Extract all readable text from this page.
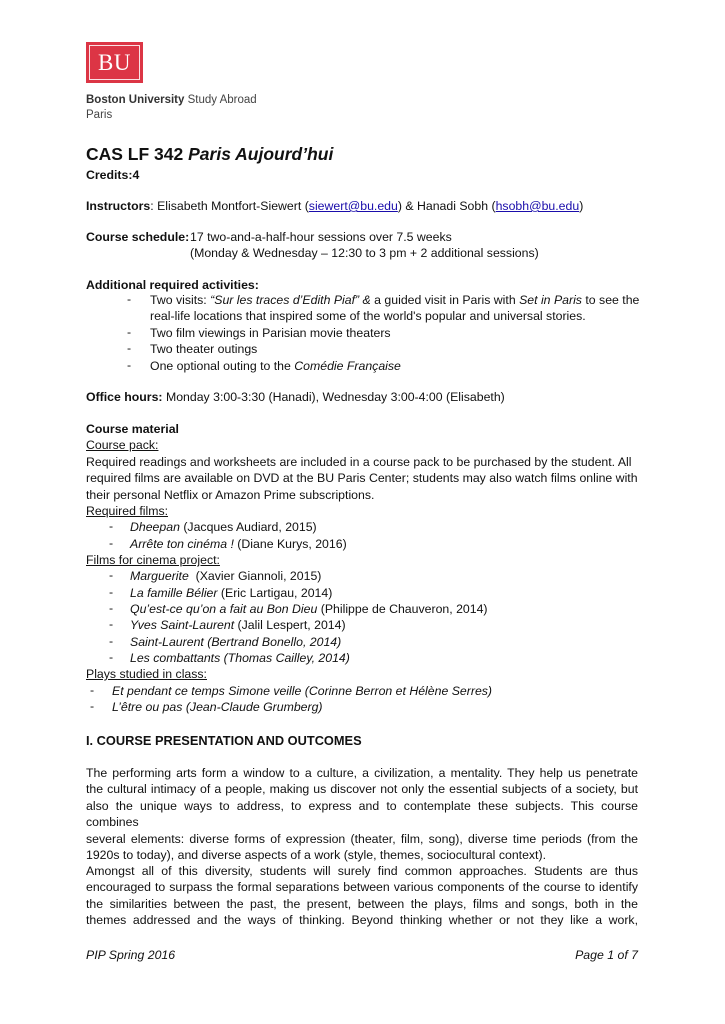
BU
Boston University Study Abroad
Paris
CAS LF 342 Paris Aujourd’hui
Credits:4
Instructors: Elisabeth Montfort-Siewert (siewert@bu.edu) & Hanadi Sobh (hsobh@bu.edu)
Course schedule: 17 two-and-a-half-hour sessions over 7.5 weeks
(Monday & Wednesday – 12:30 to 3 pm + 2 additional sessions)
Additional required activities:
- Two visits: “Sur les traces d’Edith Piaf” & a guided visit in Paris with Set in Paris to see the
real-life locations that inspired some of the world's popular and universal stories.
- Two film viewings in Parisian movie theaters
- Two theater outings
- One optional outing to the Comédie Française
Office hours: Monday 3:00-3:30 (Hanadi), Wednesday 3:00-4:00 (Elisabeth)
Course material
Course pack:
Required readings and worksheets are included in a course pack to be purchased by the student. All
required films are available on DVD at the BU Paris Center; students may also watch films online with
their personal Netflix or Amazon Prime subscriptions.
Required films:
- Dheepan (Jacques Audiard, 2015)
- Arrête ton cinéma ! (Diane Kurys, 2016)
Films for cinema project:
- Marguerite  (Xavier Giannoli, 2015)
- La famille Bélier (Eric Lartigau, 2014)
- Qu’est-ce qu’on a fait au Bon Dieu (Philippe de Chauveron, 2014)
- Yves Saint-Laurent (Jalil Lespert, 2014)
- Saint-Laurent (Bertrand Bonello, 2014)
- Les combattants (Thomas Cailley, 2014)
Plays studied in class:
- Et pendant ce temps Simone veille (Corinne Berron et Hélène Serres)
- L’être ou pas (Jean-Claude Grumberg)
I. COURSE PRESENTATION AND OUTCOMES
The performing arts form a window to a culture, a civilization, a mentality. They help us penetrate
the cultural intimacy of a people, making us discover not only the essential subjects of a society, but
also the unique ways to address, to express and to contemplate these subjects. This course combines
several elements: diverse forms of expression (theater, film, song), diverse time periods (from the
1920s to today), and diverse aspects of a work (style, themes, sociocultural context).
Amongst all of this diversity, students will surely find common approaches. Students are thus
encouraged to surpass the formal separations between various components of the course to identify
the similarities between the past, the present, between the plays, films and songs, both in the
themes addressed and the ways of thinking. Beyond thinking whether or not they like a work,
PIP Spring 2016	Page 1 of 7
